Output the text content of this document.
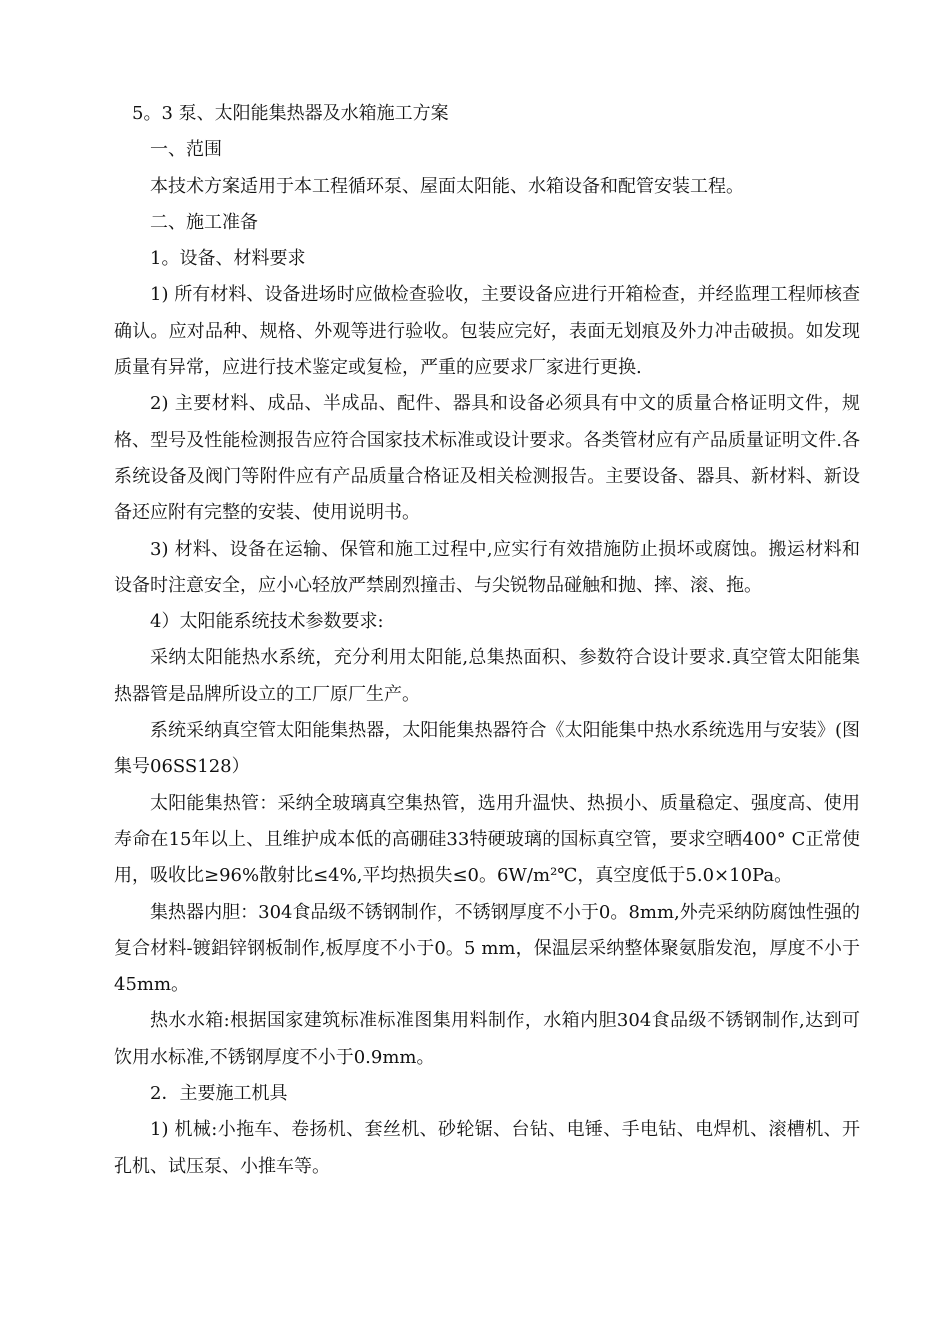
5。3 泵、太阳能集热器及水箱施工方案

一、范围

本技术方案适用于本工程循环泵、屋面太阳能、水箱设备和配管安装工程。

二、施工准备

1。设备、材料要求

1) 所有材料、设备进场时应做检查验收，主要设备应进行开箱检查，并经监理工程师核查确认。应对品种、规格、外观等进行验收。包装应完好，表面无划痕及外力冲击破损。如发现质量有异常，应进行技术鉴定或复检，严重的应要求厂家进行更换.

2) 主要材料、成品、半成品、配件、器具和设备必须具有中文的质量合格证明文件，规格、型号及性能检测报告应符合国家技术标准或设计要求。各类管材应有产品质量证明文件.各系统设备及阀门等附件应有产品质量合格证及相关检测报告。主要设备、器具、新材料、新设备还应附有完整的安装、使用说明书。

3) 材料、设备在运输、保管和施工过程中,应实行有效措施防止损坏或腐蚀。搬运材料和设备时注意安全，应小心轻放严禁剧烈撞击、与尖锐物品碰触和抛、摔、滚、拖。

4）太阳能系统技术参数要求:

采纳太阳能热水系统，充分利用太阳能,总集热面积、参数符合设计要求.真空管太阳能集热器管是品牌所设立的工厂原厂生产。

系统采纳真空管太阳能集热器，太阳能集热器符合《太阳能集中热水系统选用与安装》(图集号06SS128）

太阳能集热管：采纳全玻璃真空集热管，选用升温快、热损小、质量稳定、强度高、使用寿命在15年以上、且维护成本低的高硼硅33特硬玻璃的国标真空管，要求空晒400° C正常使用，吸收比≥96%散射比≤4%,平均热损失≤0。6W/m²℃，真空度低于5.0×10Pa。

集热器内胆：304食品级不锈钢制作，不锈钢厚度不小于0。8mm,外壳采纳防腐蚀性强的复合材料-镀鋁锌钢板制作,板厚度不小于0。5 mm，保温层采纳整体聚氨脂发泡，厚度不小于45mm。

热水水箱:根据国家建筑标准标准图集用料制作，水箱内胆304食品级不锈钢制作,达到可饮用水标准,不锈钢厚度不小于0.9mm。

2．主要施工机具

1) 机械:小拖车、卷扬机、套丝机、砂轮锯、台钻、电锤、手电钻、电焊机、滚槽机、开孔机、试压泵、小推车等。
